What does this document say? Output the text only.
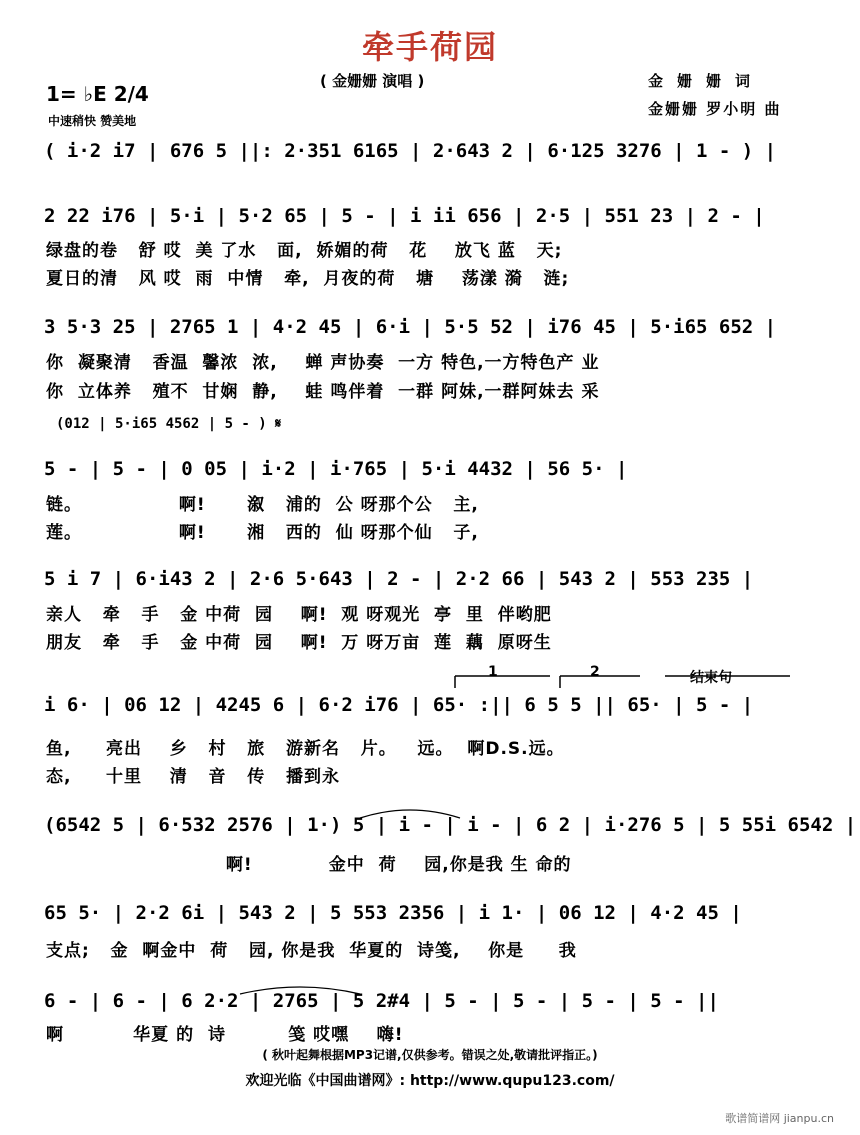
牵手荷园
( 金姗姗 演唱 )	金姗姗词
金姗姗 罗小明 曲
1= ♭E 2/4
中速稍快 赞美地
( i·2 i7 | 676 5 ||: 2·351 6165 | 2·643 2 | 6·125 3276 | 1 - ) |
2 22 i76 | 5·i | 5·2 65 | 5 - | i ii 656 | 2·5 | 551 23 | 2 - |
绿盘的卷   舒 哎  美 了水   面,  娇媚的荷   花    放飞 蓝   天;
夏日的清   风 哎  雨  中情   牵,  月夜的荷   塘    荡漾 漪   涟;
3 5·3 25 | 2765 1 | 4·2 45 | 6·i | 5·5 52 | i76 45 | 5·i65 652 |
你  凝聚清   香温  馨浓  浓,    蝉 声协奏  一方 特色,一方特色产 业
你  立体养   殖不  甘娴  静,    蛙 鸣伴着  一群 阿妹,一群阿妹去 采
(012 | 5·i65 4562 | 5 - ) 𝄋
5 - | 5 - | 0 05 | i·2 | i·765 | 5·i 4432 | 56 5· |
链。              啊!      溆   浦的  公 呀那个公   主,
莲。              啊!      湘   西的  仙 呀那个仙   子,
5 i 7 | 6·i43 2 | 2·6 5·643 | 2 - | 2·2 66 | 543 2 | 553 235 |
亲人   牵   手   金 中荷  园    啊!  观 呀观光  亭  里  伴哟肥
朋友   牵   手   金 中荷  园    啊!  万 呀万亩  莲  藕  原呀生
1	2	结束句
i 6· | 06 12 | 4245 6 | 6·2 i76 | 65· :|| 6 5 5 || 65· | 5 - |
鱼,     亮出    乡   村   旅   游新名   片。   远。  啊D.S.远。
态,     十里    清   音   传   播到永
(6542 5 | 6·532 2576 | 1·) 5 | i - | i - | 6 2 | i·276 5 | 5 55i 6542 |
啊!           金中  荷    园,你是我 生 命的
65 5· | 2·2 6i | 543 2 | 5 553 2356 | i 1· | 06 12 | 4·2 45 |
支点;   金  啊金中  荷   园, 你是我  华夏的  诗笺,    你是     我
6 - | 6 - | 6 2·2 | 2765 | 5 2#4 | 5 - | 5 - | 5 - | 5 - ||
啊          华夏 的  诗         笺 哎嘿    嗨!
( 秋叶起舞根据MP3记谱,仅供参考。错误之处,敬请批评指正。)
欢迎光临《中国曲谱网》: http://www.qupu123.com/
歌谱简谱网 jianpu.cn
